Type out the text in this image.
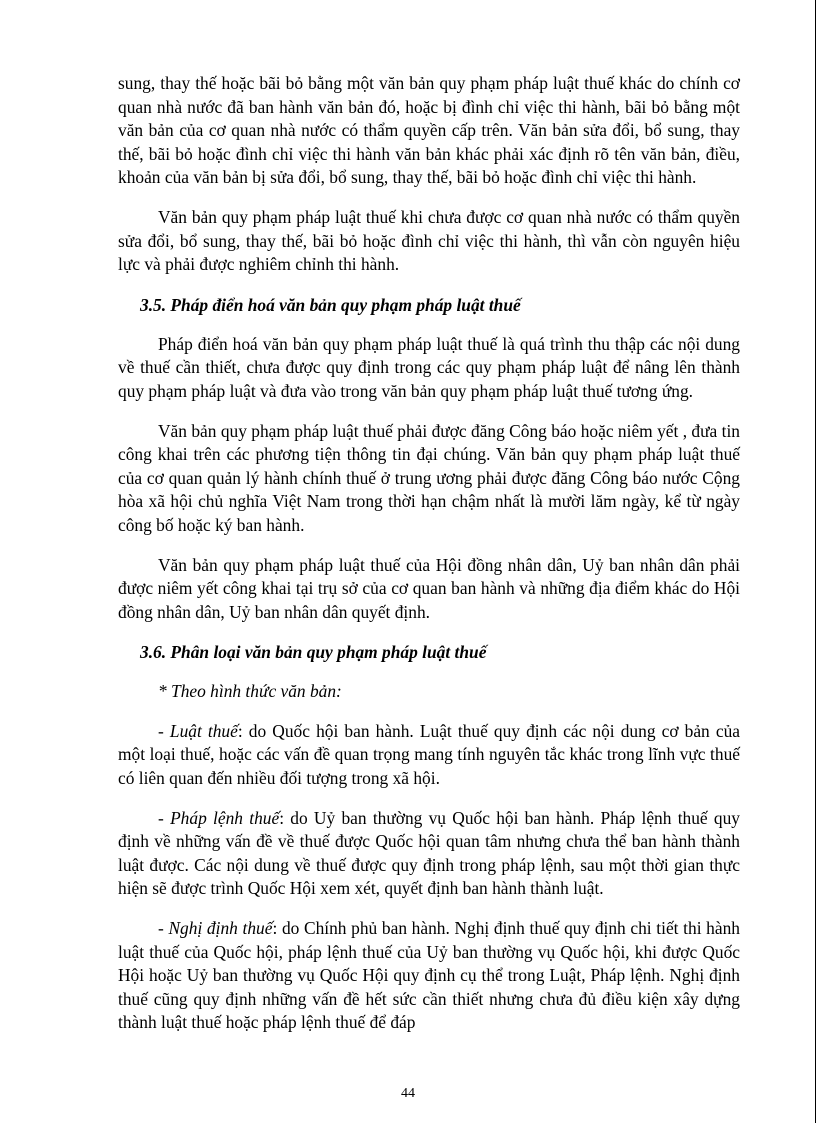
sung, thay thế hoặc bãi bỏ bằng một văn bản quy phạm pháp luật thuế khác do chính cơ quan nhà nước đã ban hành văn bản đó, hoặc bị đình chỉ việc thi hành, bãi bỏ bằng một văn bản của cơ quan nhà nước có thẩm quyền cấp trên. Văn bản sửa đổi, bổ sung, thay thế, bãi bỏ hoặc đình chỉ việc thi hành văn bản khác phải xác định rõ tên văn bản, điều, khoản của văn bản bị sửa đổi, bổ sung, thay thế, bãi bỏ hoặc đình chỉ việc thi hành.

Văn bản quy phạm pháp luật thuế khi chưa được cơ quan nhà nước có thẩm quyền sửa đổi, bổ sung, thay thế, bãi bỏ hoặc đình chỉ việc thi hành, thì vẫn còn nguyên hiệu lực và phải được nghiêm chỉnh thi hành.

3.5. Pháp điển hoá văn bản quy phạm pháp luật thuế

Pháp điển hoá văn bản quy phạm pháp luật thuế là quá trình thu thập các nội dung về thuế cần thiết, chưa được quy định trong các quy phạm pháp luật để nâng lên thành quy phạm pháp luật và đưa vào trong văn bản quy phạm pháp luật thuế tương ứng.

Văn bản quy phạm pháp luật thuế phải được đăng Công báo hoặc niêm yết , đưa tin công khai trên các phương tiện thông tin đại chúng. Văn bản quy phạm pháp luật thuế của cơ quan quản lý hành chính thuế ở trung ương phải được đăng Công báo nước Cộng hòa xã hội chủ nghĩa Việt Nam trong thời hạn chậm nhất là mười lăm ngày, kể từ ngày công bố hoặc ký ban hành.

Văn bản quy phạm pháp luật thuế của Hội đồng nhân dân, Uỷ ban nhân dân phải được niêm yết công khai tại trụ sở của cơ quan ban hành và những địa điểm khác do Hội đồng nhân dân, Uỷ ban nhân dân quyết định.

3.6. Phân loại văn bản quy phạm pháp luật thuế

* Theo hình thức văn bản:

- Luật thuế: do Quốc hội ban hành. Luật thuế quy định các nội dung cơ bản của một loại thuế, hoặc các vấn đề quan trọng mang tính nguyên tắc khác trong lĩnh vực thuế có liên quan đến nhiều đối tượng trong xã hội.

- Pháp lệnh thuế: do Uỷ ban thường vụ Quốc hội ban hành. Pháp lệnh thuế quy định về những vấn đề về thuế được Quốc hội quan tâm nhưng chưa thể ban hành thành luật được. Các nội dung về thuế được quy định trong pháp lệnh, sau một thời gian thực hiện sẽ được trình Quốc Hội xem xét, quyết định ban hành thành luật.

- Nghị định thuế: do Chính phủ ban hành. Nghị định thuế quy định chi tiết thi hành luật thuế của Quốc hội, pháp lệnh thuế của Uỷ ban thường vụ Quốc hội, khi được Quốc Hội hoặc Uỷ ban thường vụ Quốc Hội quy định cụ thể trong Luật, Pháp lệnh. Nghị định thuế cũng quy định những vấn đề hết sức cần thiết nhưng chưa đủ điều kiện xây dựng thành luật thuế hoặc pháp lệnh thuế để đáp

44
